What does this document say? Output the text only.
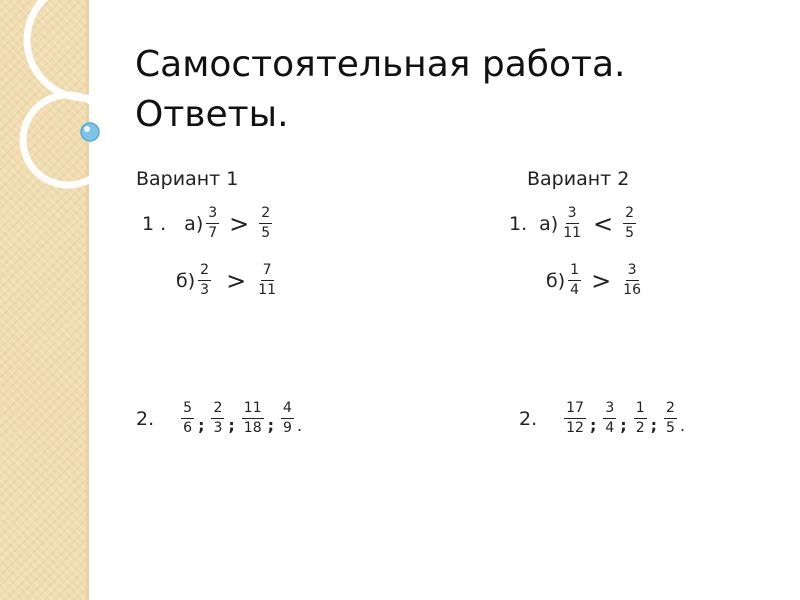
Самостоятельная работа.
Ответы.
Вариант 1
1 . $а) \frac{3}{7} > \frac{2}{5}$
$б) \frac{2}{3} > \frac{7}{11}$
2. $\frac{5}{6}$ ; $\frac{2}{3}$ ; $\frac{11}{18}$ ; $\frac{4}{9}$ .
Вариант 2
1. $а) \frac{3}{11} < \frac{2}{5}$
$б) \frac{1}{4} > \frac{3}{16}$
2. $\frac{17}{12}$ ; $\frac{3}{4}$ ; $\frac{1}{2}$ ; $\frac{2}{5}$ .
